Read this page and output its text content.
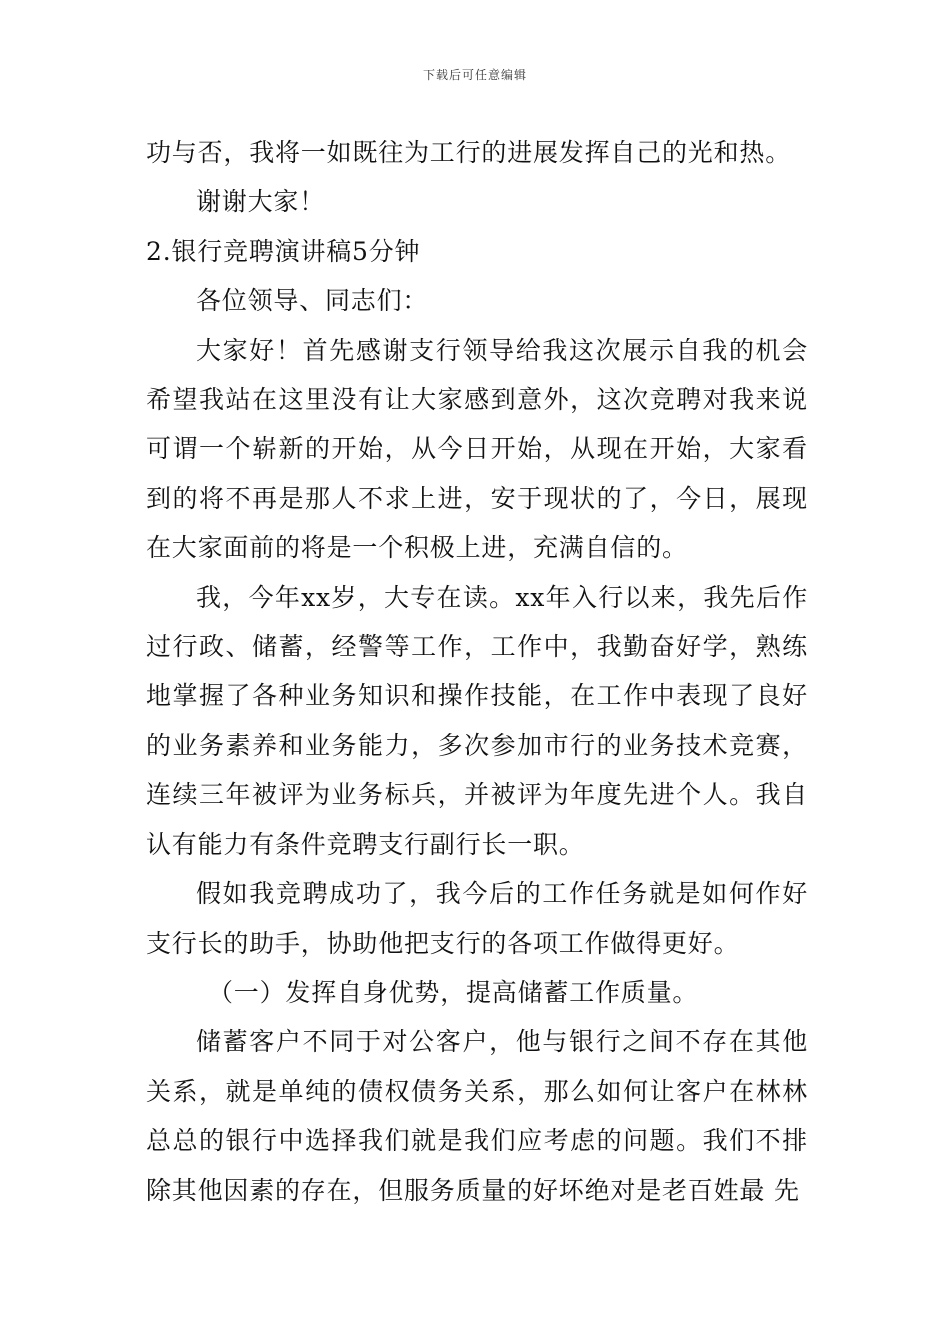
下载后可任意编辑

功与否，我将一如既往为工行的进展发挥自己的光和热。

谢谢大家！

2.银行竞聘演讲稿5分钟

各位领导、同志们：

大家好！首先感谢支行领导给我这次展示自我的机会希望我站在这里没有让大家感到意外，这次竞聘对我来说可谓一个崭新的开始，从今日开始，从现在开始，大家看到的将不再是那人不求上进，安于现状的了，今日，展现在大家面前的将是一个积极上进，充满自信的。

我，今年xx岁，大专在读。xx年入行以来，我先后作过行政、储蓄，经警等工作，工作中，我勤奋好学，熟练地掌握了各种业务知识和操作技能，在工作中表现了良好的业务素养和业务能力，多次参加市行的业务技术竞赛，连续三年被评为业务标兵，并被评为年度先进个人。我自认有能力有条件竞聘支行副行长一职。

假如我竞聘成功了，我今后的工作任务就是如何作好支行长的助手，协助他把支行的各项工作做得更好。

（一）发挥自身优势，提高储蓄工作质量。

储蓄客户不同于对公客户，他与银行之间不存在其他关系，就是单纯的债权债务关系，那么如何让客户在林林总总的银行中选择我们就是我们应考虑的问题。我们不排除其他因素的存在，但服务质量的好坏绝对是老百姓最 先
